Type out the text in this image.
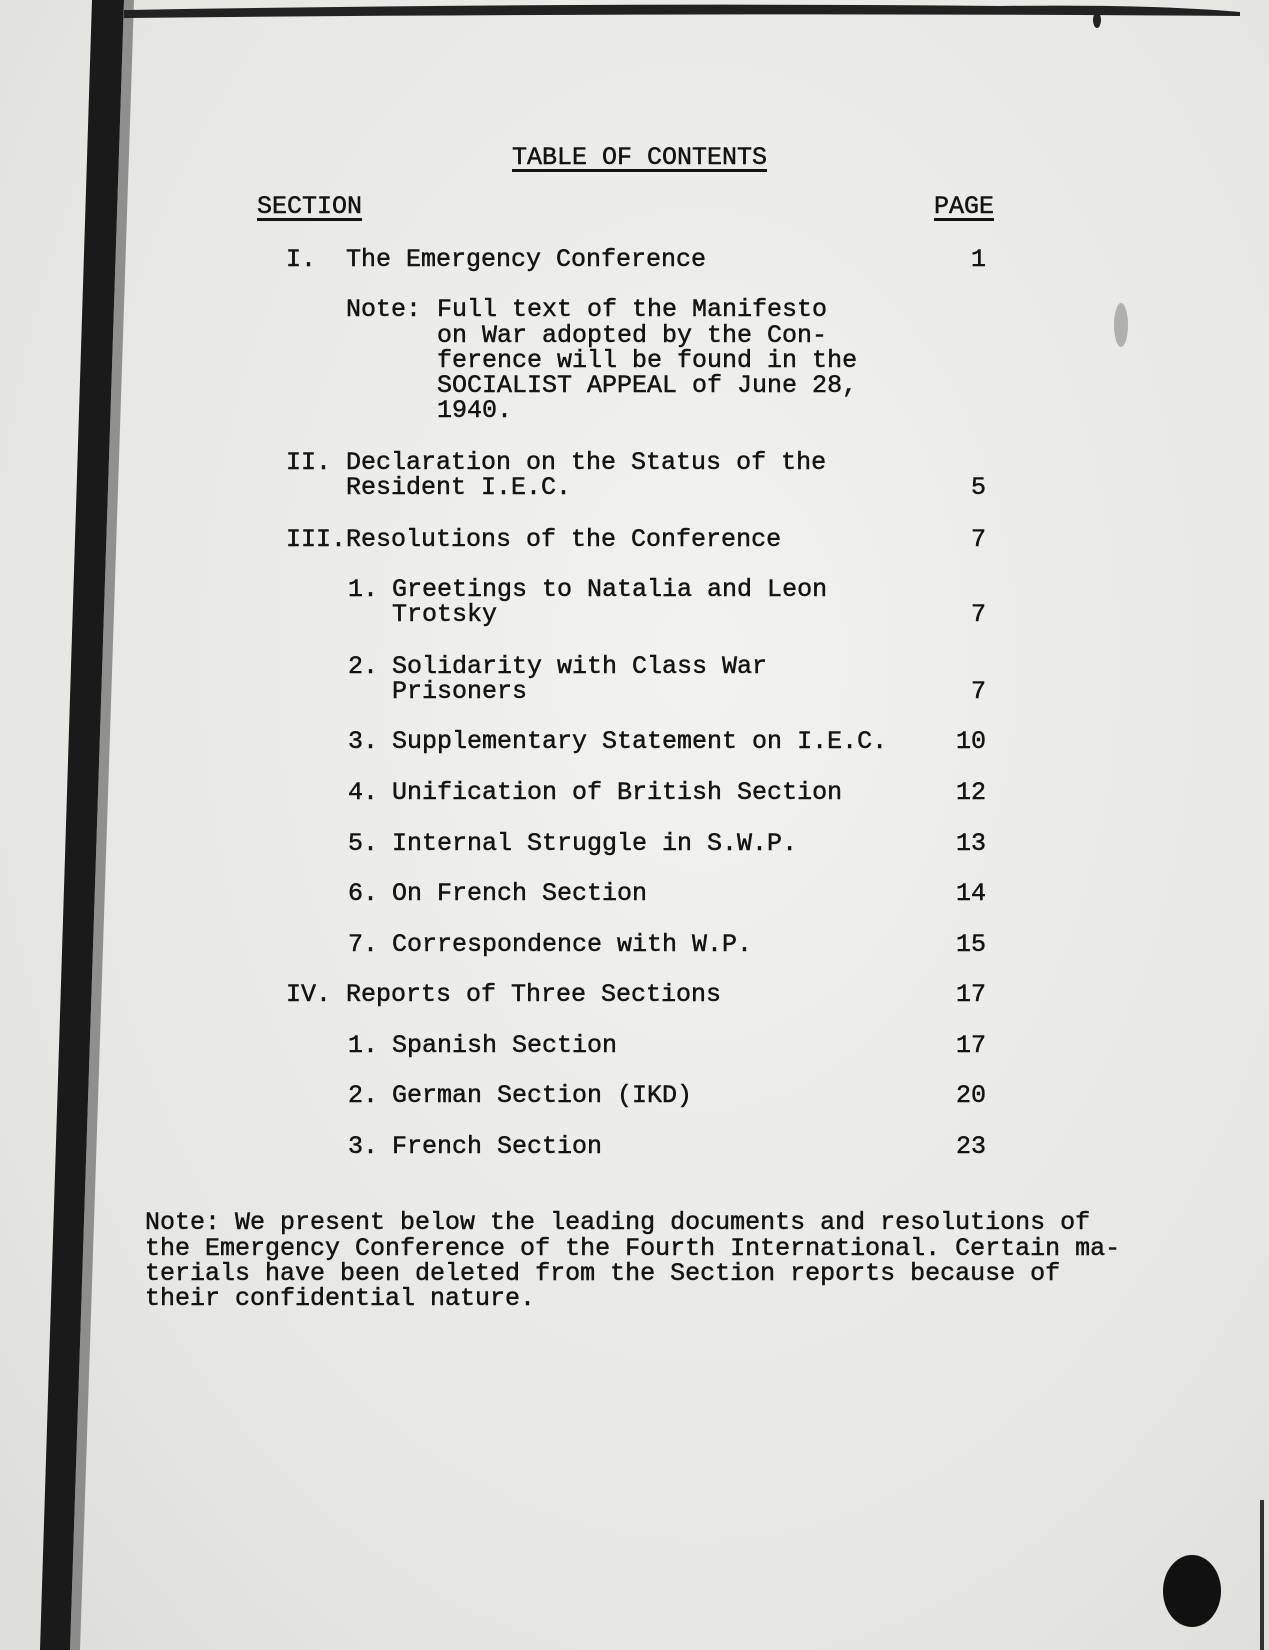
TABLE OF CONTENTS
SECTION	PAGE
I. The Emergency Conference	1
Note: Full text of the Manifesto
on War adopted by the Con-
ference will be found in the
SOCIALIST APPEAL of June 28,
1940.
II. Declaration on the Status of the
Resident I.E.C.	5
III. Resolutions of the Conference	7
1. Greetings to Natalia and Leon
Trotsky	7
2. Solidarity with Class War
Prisoners	7
3. Supplementary Statement on I.E.C.	10
4. Unification of British Section	12
5. Internal Struggle in S.W.P.	13
6. On French Section	14
7. Correspondence with W.P.	15
IV. Reports of Three Sections	17
1. Spanish Section	17
2. German Section (IKD)	20
3. French Section	23
Note: We present below the leading documents and resolutions of
the Emergency Conference of the Fourth International. Certain ma-
terials have been deleted from the Section reports because of
their confidential nature.
